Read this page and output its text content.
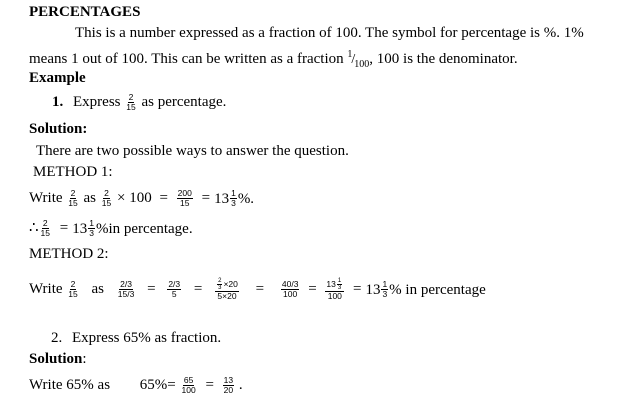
PERCENTAGES
This is a number expressed as a fraction of 100. The symbol for percentage is %. 1%
means 1 out of 100. This can be written as a fraction $^1/_{100}$, 100 is the denominator.
Example
1. Express $\frac{2}{15}$ as percentage.
Solution:
There are two possible ways to answer the question.
METHOD 1:
Write $\frac{2}{15}$ as $\frac{2}{15} \times 100 = \frac{200}{15} = 13 \frac{1}{3}$ %.
∴ $\frac{2}{15} = 13 \frac{1}{3} \%in$ percentage.
METHOD 2:
Write $\frac{2}{15}$ as $\frac{2/3}{15/3} = \frac{2/3}{5} = \frac{\frac{2}{3} \times 20}{5\times 20} = \frac{40/3}{100} = \frac{13 \frac{1}{3}}{100} = 13 \frac{1}{3}$ % in percentage
2. Express 65% as fraction.
Solution:
Write 65% as $65\%= \frac{65}{100} = \frac{13}{20}$ .
